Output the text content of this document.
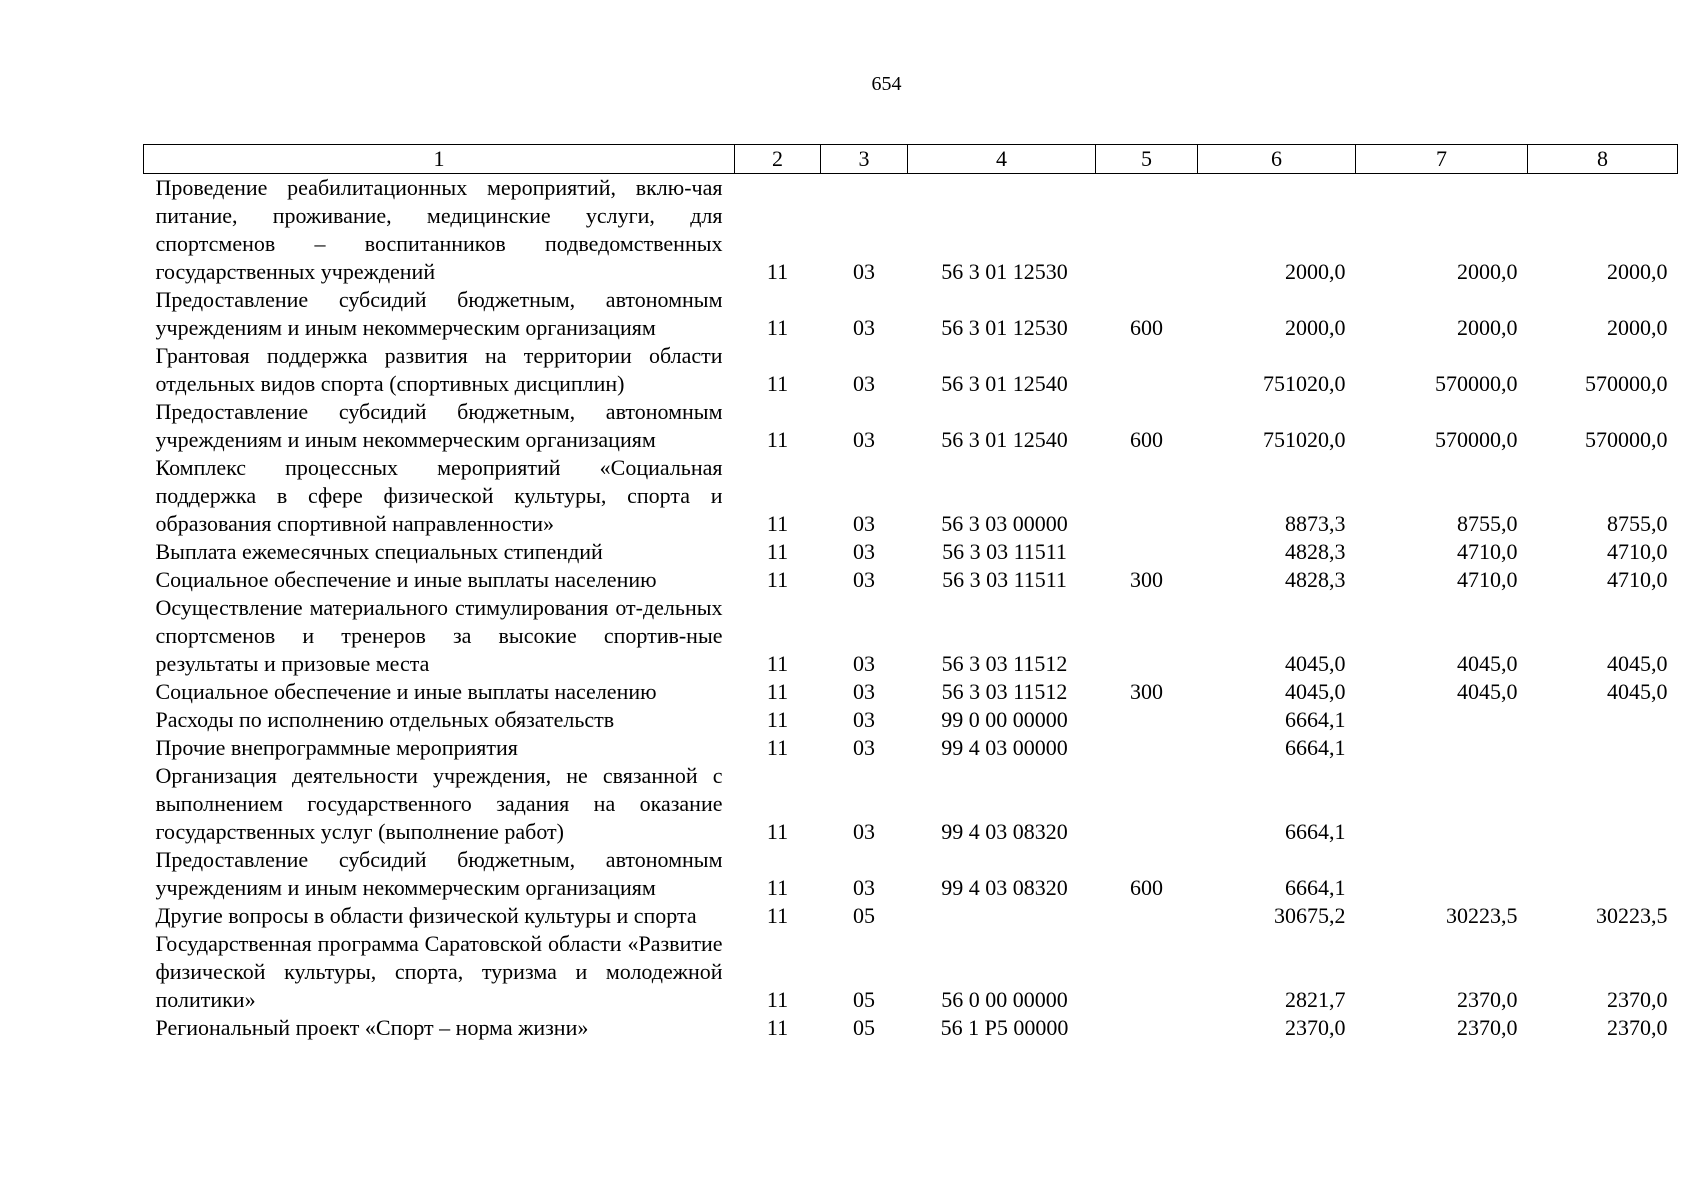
654
1	2	3	4	5	6	7	8
Проведение реабилитационных мероприятий, вклю-чая питание, проживание, медицинские услуги, для спортсменов – воспитанников подведомственных государственных учреждений	11	03	56 3 01 12530		2000,0	2000,0	2000,0
Предоставление субсидий бюджетным, автономным учреждениям и иным некоммерческим организациям	11	03	56 3 01 12530	600	2000,0	2000,0	2000,0
Грантовая поддержка развития на территории области отдельных видов спорта (спортивных дисциплин)	11	03	56 3 01 12540		751020,0	570000,0	570000,0
Предоставление субсидий бюджетным, автономным учреждениям и иным некоммерческим организациям	11	03	56 3 01 12540	600	751020,0	570000,0	570000,0
Комплекс процессных мероприятий «Социальная поддержка в сфере физической культуры, спорта и образования спортивной направленности»	11	03	56 3 03 00000		8873,3	8755,0	8755,0
Выплата ежемесячных специальных стипендий	11	03	56 3 03 11511		4828,3	4710,0	4710,0
Социальное обеспечение и иные выплаты населению	11	03	56 3 03 11511	300	4828,3	4710,0	4710,0
Осуществление материального стимулирования от-дельных спортсменов и тренеров за высокие спортив-ные результаты и призовые места	11	03	56 3 03 11512		4045,0	4045,0	4045,0
Социальное обеспечение и иные выплаты населению	11	03	56 3 03 11512	300	4045,0	4045,0	4045,0
Расходы по исполнению отдельных обязательств	11	03	99 0 00 00000		6664,1		
Прочие внепрограммные мероприятия	11	03	99 4 03 00000		6664,1		
Организация деятельности учреждения, не связанной с выполнением государственного задания на оказание государственных услуг (выполнение работ)	11	03	99 4 03 08320		6664,1		
Предоставление субсидий бюджетным, автономным учреждениям и иным некоммерческим организациям	11	03	99 4 03 08320	600	6664,1		
Другие вопросы в области физической культуры и спорта	11	05			30675,2	30223,5	30223,5
Государственная программа Саратовской области «Развитие физической культуры, спорта, туризма и молодежной политики»	11	05	56 0 00 00000		2821,7	2370,0	2370,0
Региональный проект «Спорт – норма жизни»	11	05	56 1 Р5 00000		2370,0	2370,0	2370,0
